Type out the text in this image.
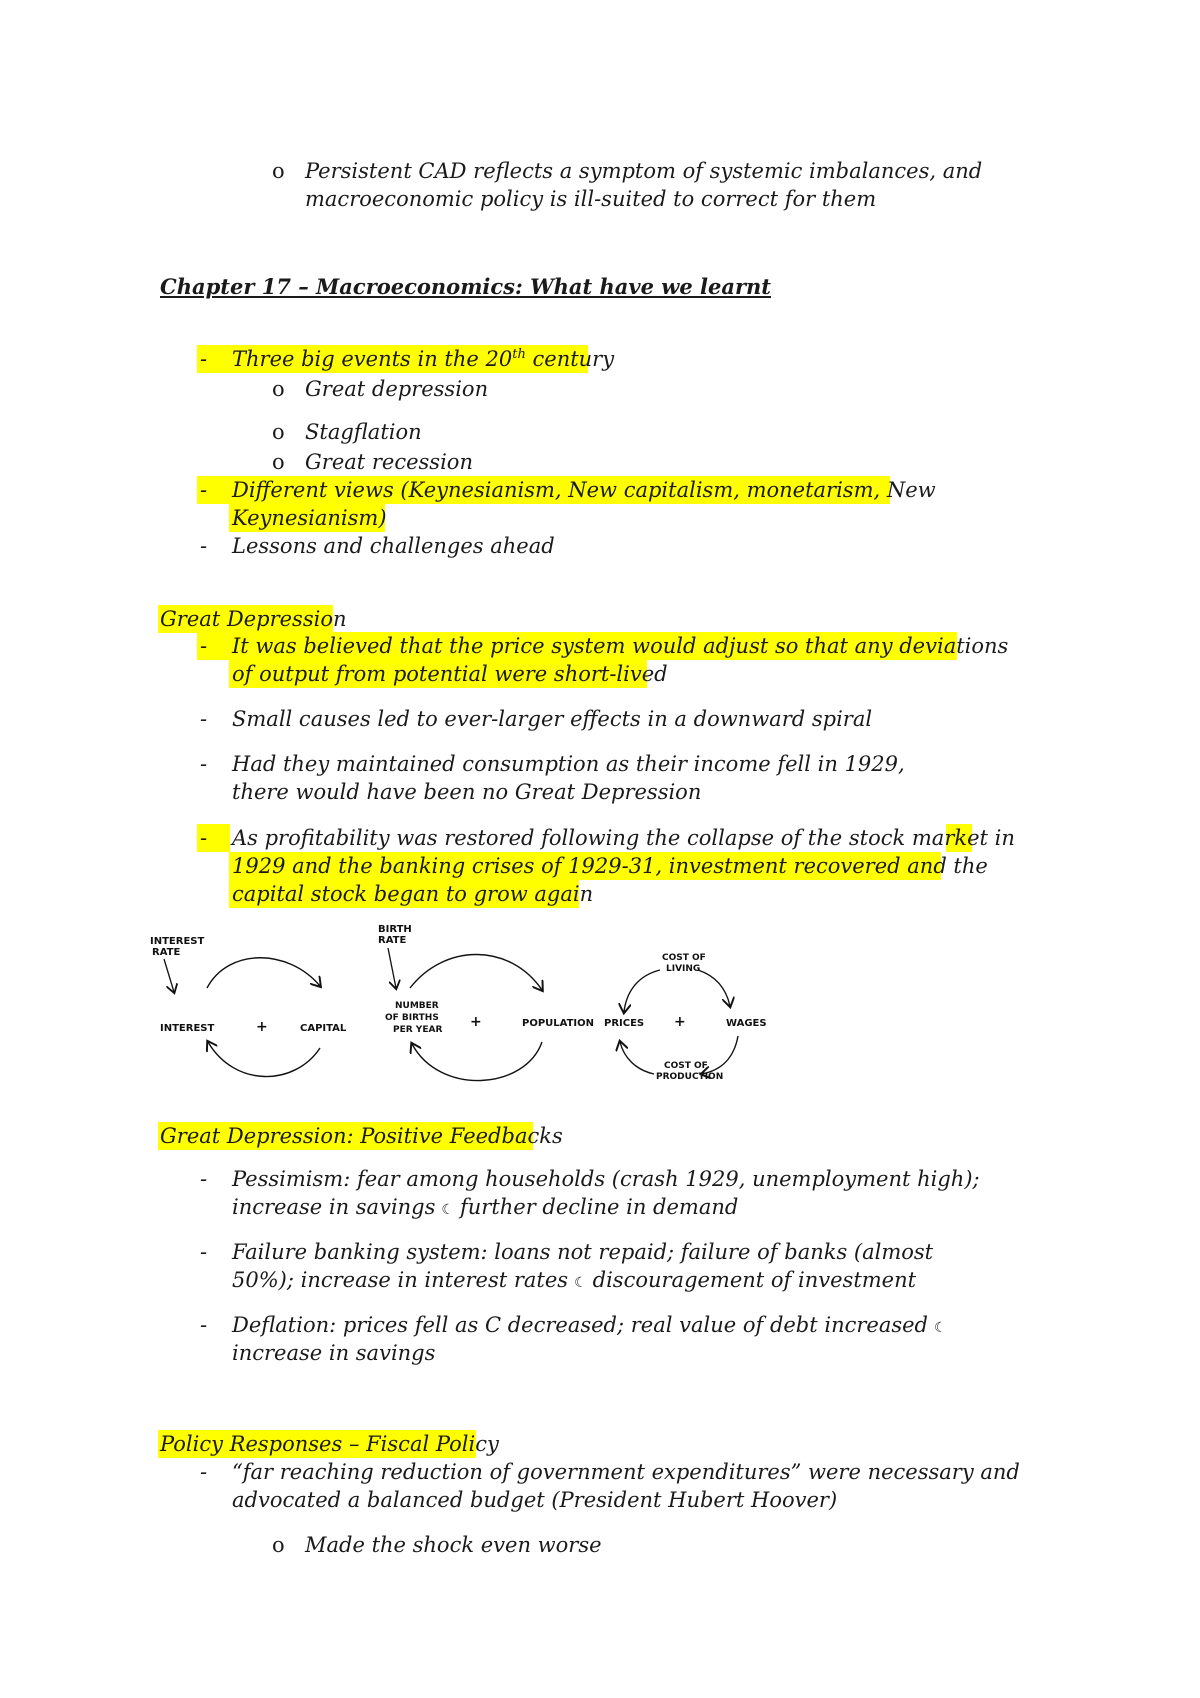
o Persistent CAD reflects a symptom of systemic imbalances, and
macroeconomic policy is ill-suited to correct for them
Chapter 17 – Macroeconomics: What have we learnt
- Three big events in the 20th century
o Great depression
o Stagflation
o Great recession
- Different views (Keynesianism, New capitalism, monetarism, New
Keynesianism)
- Lessons and challenges ahead
Great Depression
- It was believed that the price system would adjust so that any deviations
of output from potential were short-lived
- Small causes led to ever-larger effects in a downward spiral
- Had they maintained consumption as their income fell in 1929,
there would have been no Great Depression
- As profitability was restored following the collapse of the stock market in
1929 and the banking crises of 1929-31, investment recovered and the
capital stock began to grow again
INTEREST
RATE
INTEREST	+	CAPITAL
BIRTH
RATE
NUMBER
OF BIRTHS
PER YEAR +	POPULATION
COST OF
LIVING
PRICES +	WAGES
COST OF
PRODUCTION
Great Depression: Positive Feedbacks
- Pessimism: fear among households (crash 1929, unemployment high);
increase in savings ☾ further decline in demand
- Failure banking system: loans not repaid; failure of banks (almost
50%); increase in interest rates ☾ discouragement of investment
- Deflation: prices fell as C decreased; real value of debt increased ☾
increase in savings
Policy Responses – Fiscal Policy
- “far reaching reduction of government expenditures” were necessary and
advocated a balanced budget (President Hubert Hoover)
o Made the shock even worse
